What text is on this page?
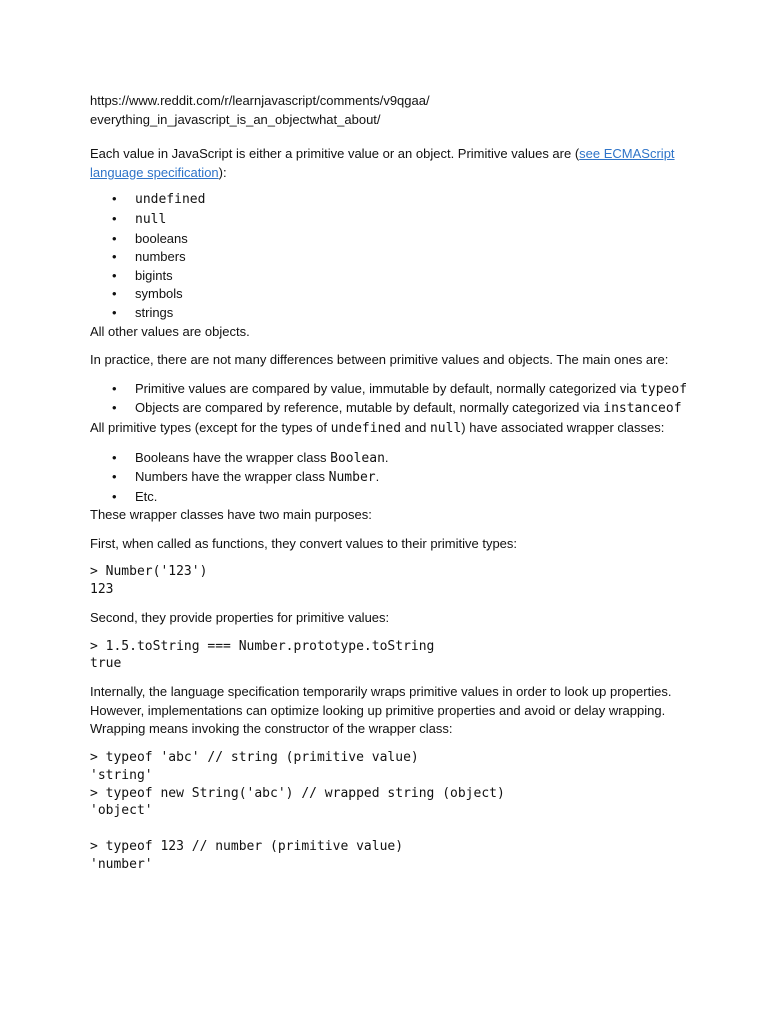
https://www.reddit.com/r/learnjavascript/comments/v9qgaa/
everything_in_javascript_is_an_objectwhat_about/

Each value in JavaScript is either a primitive value or an object. Primitive values are (see ECMAScript language specification):

• undefined
• null
• booleans
• numbers
• bigints
• symbols
• strings

All other values are objects.

In practice, there are not many differences between primitive values and objects. The main ones are:

• Primitive values are compared by value, immutable by default, normally categorized via typeof
• Objects are compared by reference, mutable by default, normally categorized via instanceof

All primitive types (except for the types of undefined and null) have associated wrapper classes:

• Booleans have the wrapper class Boolean.
• Numbers have the wrapper class Number.
• Etc.

These wrapper classes have two main purposes:

First, when called as functions, they convert values to their primitive types:

> Number('123')
123

Second, they provide properties for primitive values:

> 1.5.toString === Number.prototype.toString
true

Internally, the language specification temporarily wraps primitive values in order to look up properties. However, implementations can optimize looking up primitive properties and avoid or delay wrapping. Wrapping means invoking the constructor of the wrapper class:

> typeof 'abc' // string (primitive value)
'string'
> typeof new String('abc') // wrapped string (object)
'object'

> typeof 123 // number (primitive value)
'number'
